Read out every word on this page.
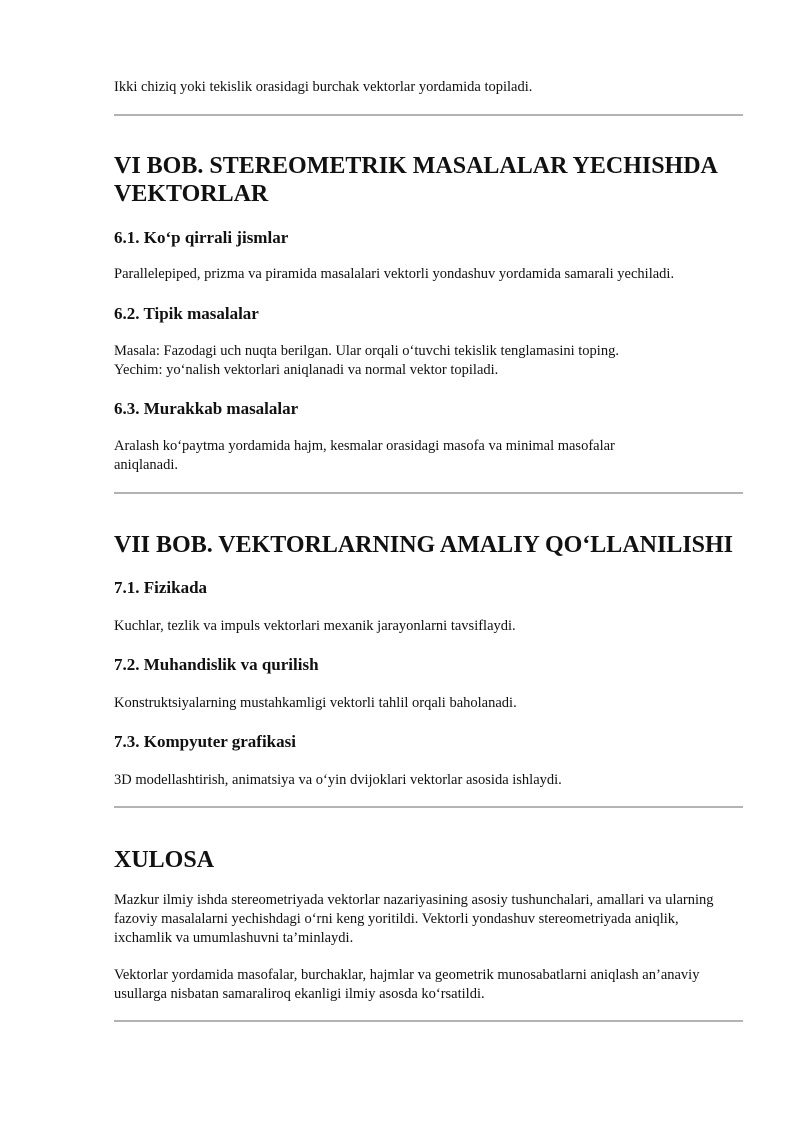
Ikki chiziq yoki tekislik orasidagi burchak vektorlar yordamida topiladi.

VI BOB. STEREOMETRIK MASALALAR YECHISHDA VEKTORLAR
6.1. Ko‘p qirrali jismlar

Parallelepiped, prizma va piramida masalalari vektorli yondashuv yordamida samarali yechiladi.

6.2. Tipik masalalar

Masala: Fazodagi uch nuqta berilgan. Ular orqali o‘tuvchi tekislik tenglamasini toping.

Yechim: yo‘nalish vektorlari aniqlanadi va normal vektor topiladi.

6.3. Murakkab masalalar

Aralash ko‘paytma yordamida hajm, kesmalar orasidagi masofa va minimal masofalar aniqlanadi.

VII BOB. VEKTORLARNING AMALIY QO‘LLANILISHI
7.1. Fizikada

Kuchlar, tezlik va impuls vektorlari mexanik jarayonlarni tavsiflaydi.

7.2. Muhandislik va qurilish

Konstruktsiyalarning mustahkamligi vektorli tahlil orqali baholanadi.

7.3. Kompyuter grafikasi

3D modellashtirish, animatsiya va o‘yin dvijoklari vektorlar asosida ishlaydi.

XULOSA

Mazkur ilmiy ishda stereometriyada vektorlar nazariyasining asosiy tushunchalari, amallari va ularning fazoviy masalalarni yechishdagi o‘rni keng yoritildi. Vektorli yondashuv stereometriyada aniqlik, ixchamlik va umumlashuvni ta’minlaydi.

Vektorlar yordamida masofalar, burchaklar, hajmlar va geometrik munosabatlarni aniqlash an’anaviy usullarga nisbatan samaraliroq ekanligi ilmiy asosda ko‘rsatildi.
